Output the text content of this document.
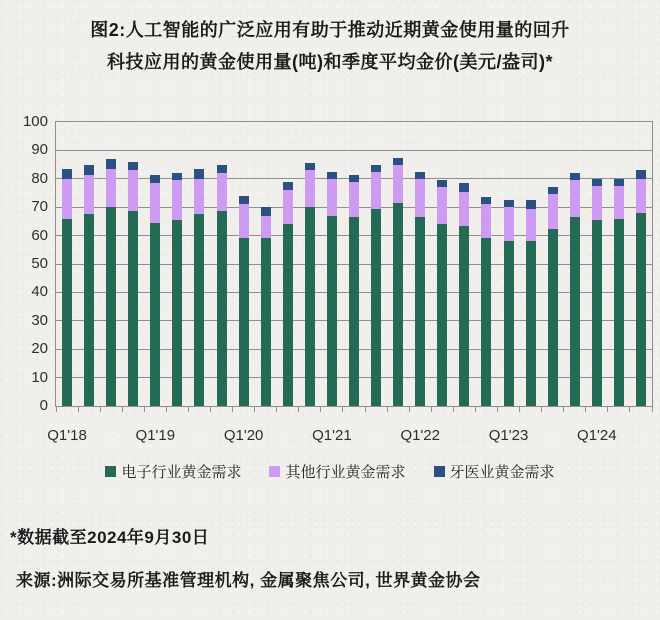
图2:人工智能的广泛应用有助于推动近期黄金使用量的回升
科技应用的黄金使用量(吨)和季度平均金价(美元/盎司)*
Q1'18	Q1'19	Q1'20	Q1'21	Q1'22	Q1'23	Q1'24
0
10
20
30
40
50
60
70
80
90
100
电子行业黄金需求	其他行业黄金需求	牙医业黄金需求
*数据截至2024年9月30日
来源:洲际交易所基准管理机构, 金属聚焦公司, 世界黄金协会
